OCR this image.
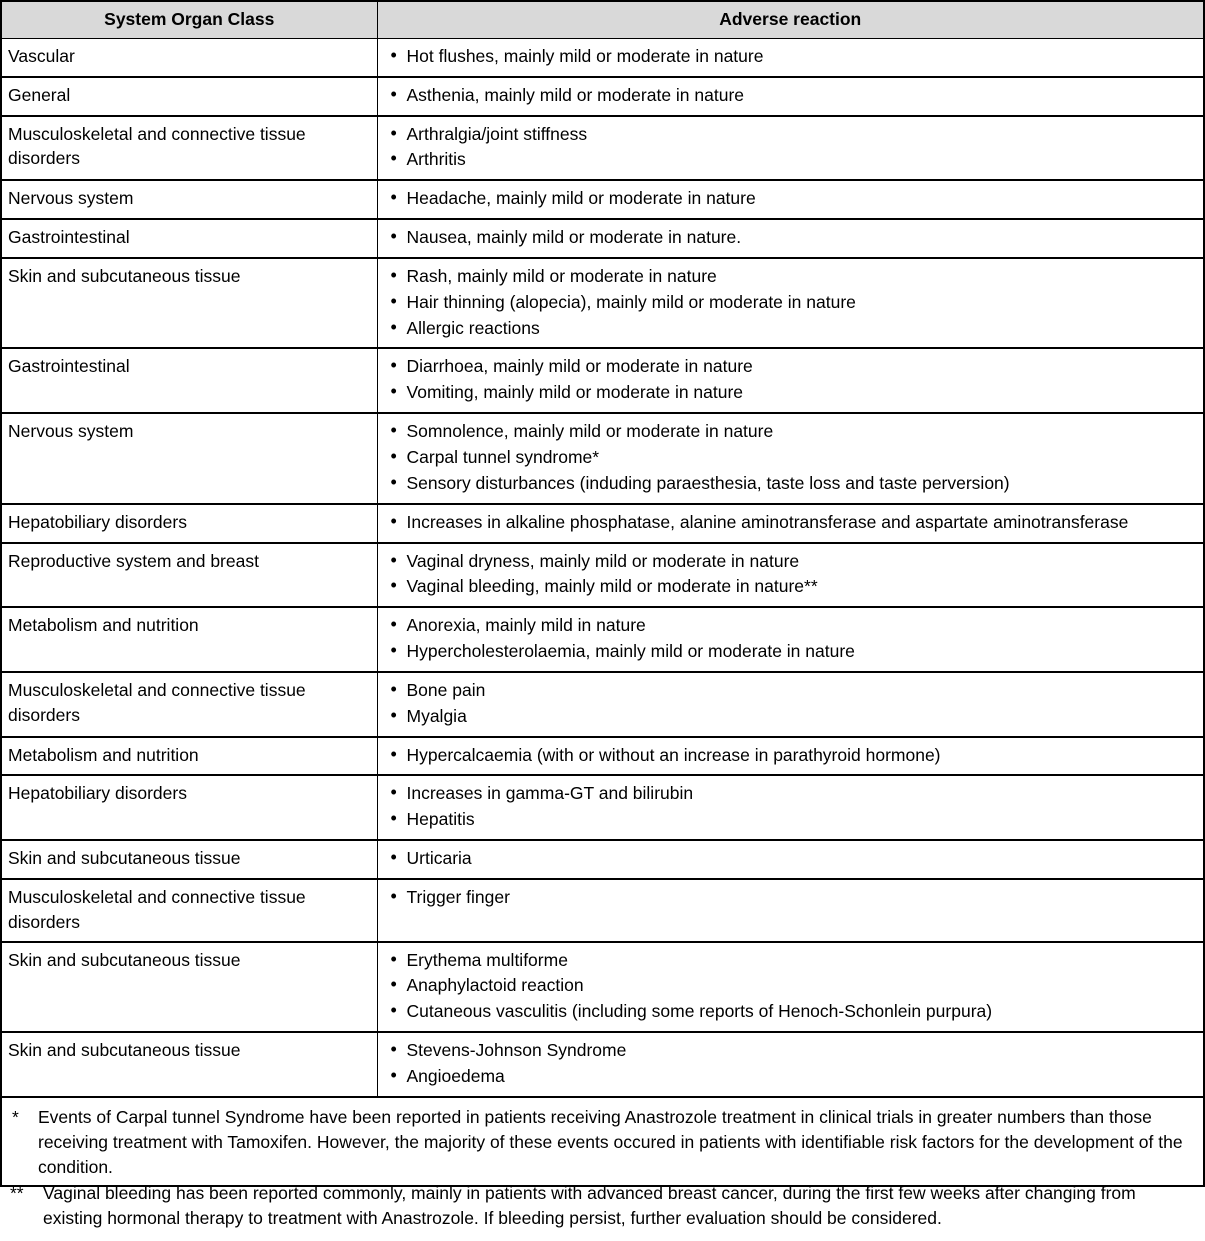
System Organ Class	Adverse reaction

Vascular

•Hot flushes, mainly mild or moderate in nature

General

•Asthenia, mainly mild or moderate in nature

Musculoskeletal and connective tissue disorders

• Arthralgia/joint stiffness
• Arthritis

Nervous system

•Headache, mainly mild or moderate in nature

Gastrointestinal

•Nausea, mainly mild or moderate in nature.

Skin and subcutaneous tissue

•Rash, mainly mild or moderate in nature
• Hair thinning (alopecia), mainly mild or moderate in nature
• Allergic reactions

Gastrointestinal

•Diarrhoea, mainly mild or moderate in nature
• Vomiting, mainly mild or moderate in nature

Nervous system

•Somnolence, mainly mild or moderate in nature
• Carpal tunnel syndrome*
• Sensory disturbances (induding paraesthesia, taste loss and taste perversion)

Hepatobiliary disorders

•Increases in alkaline phosphatase, alanine aminotransferase and aspartate aminotransferase

Reproductive system and breast

•Vaginal dryness, mainly mild or moderate in nature
• Vaginal bleeding, mainly mild or moderate in nature**

Metabolism and nutrition

•Anorexia, mainly mild in nature
• Hypercholesterolaemia, mainly mild or moderate in nature

Musculoskeletal and connective tissue disorders

• Bone pain
• Myalgia

Metabolism and nutrition

•Hypercalcaemia (with or without an increase in parathyroid hormone)

Hepatobiliary disorders

•Increases in gamma-GT and bilirubin
• Hepatitis

Skin and subcutaneous tissue

•Urticaria

Musculoskeletal and connective tissue disorders

• Trigger finger

Skin and subcutaneous tissue

•Erythema multiforme
• Anaphylactoid reaction
• Cutaneous vasculitis (including some reports of Henoch-Schonlein purpura)

Skin and subcutaneous tissue

•Stevens-Johnson Syndrome
• Angioedema

* Events of Carpal tunnel Syndrome have been reported in patients receiving Anastrozole treatment in clinical trials in greater numbers than those receiving treatment with Tamoxifen. However, the majority of these events occured in patients with identifiable risk factors for the development of the condition.

** Vaginal bleeding has been reported commonly, mainly in patients with advanced breast cancer, during the first few weeks after changing from existing hormonal therapy to treatment with Anastrozole. If bleeding persist, further evaluation should be considered.	
